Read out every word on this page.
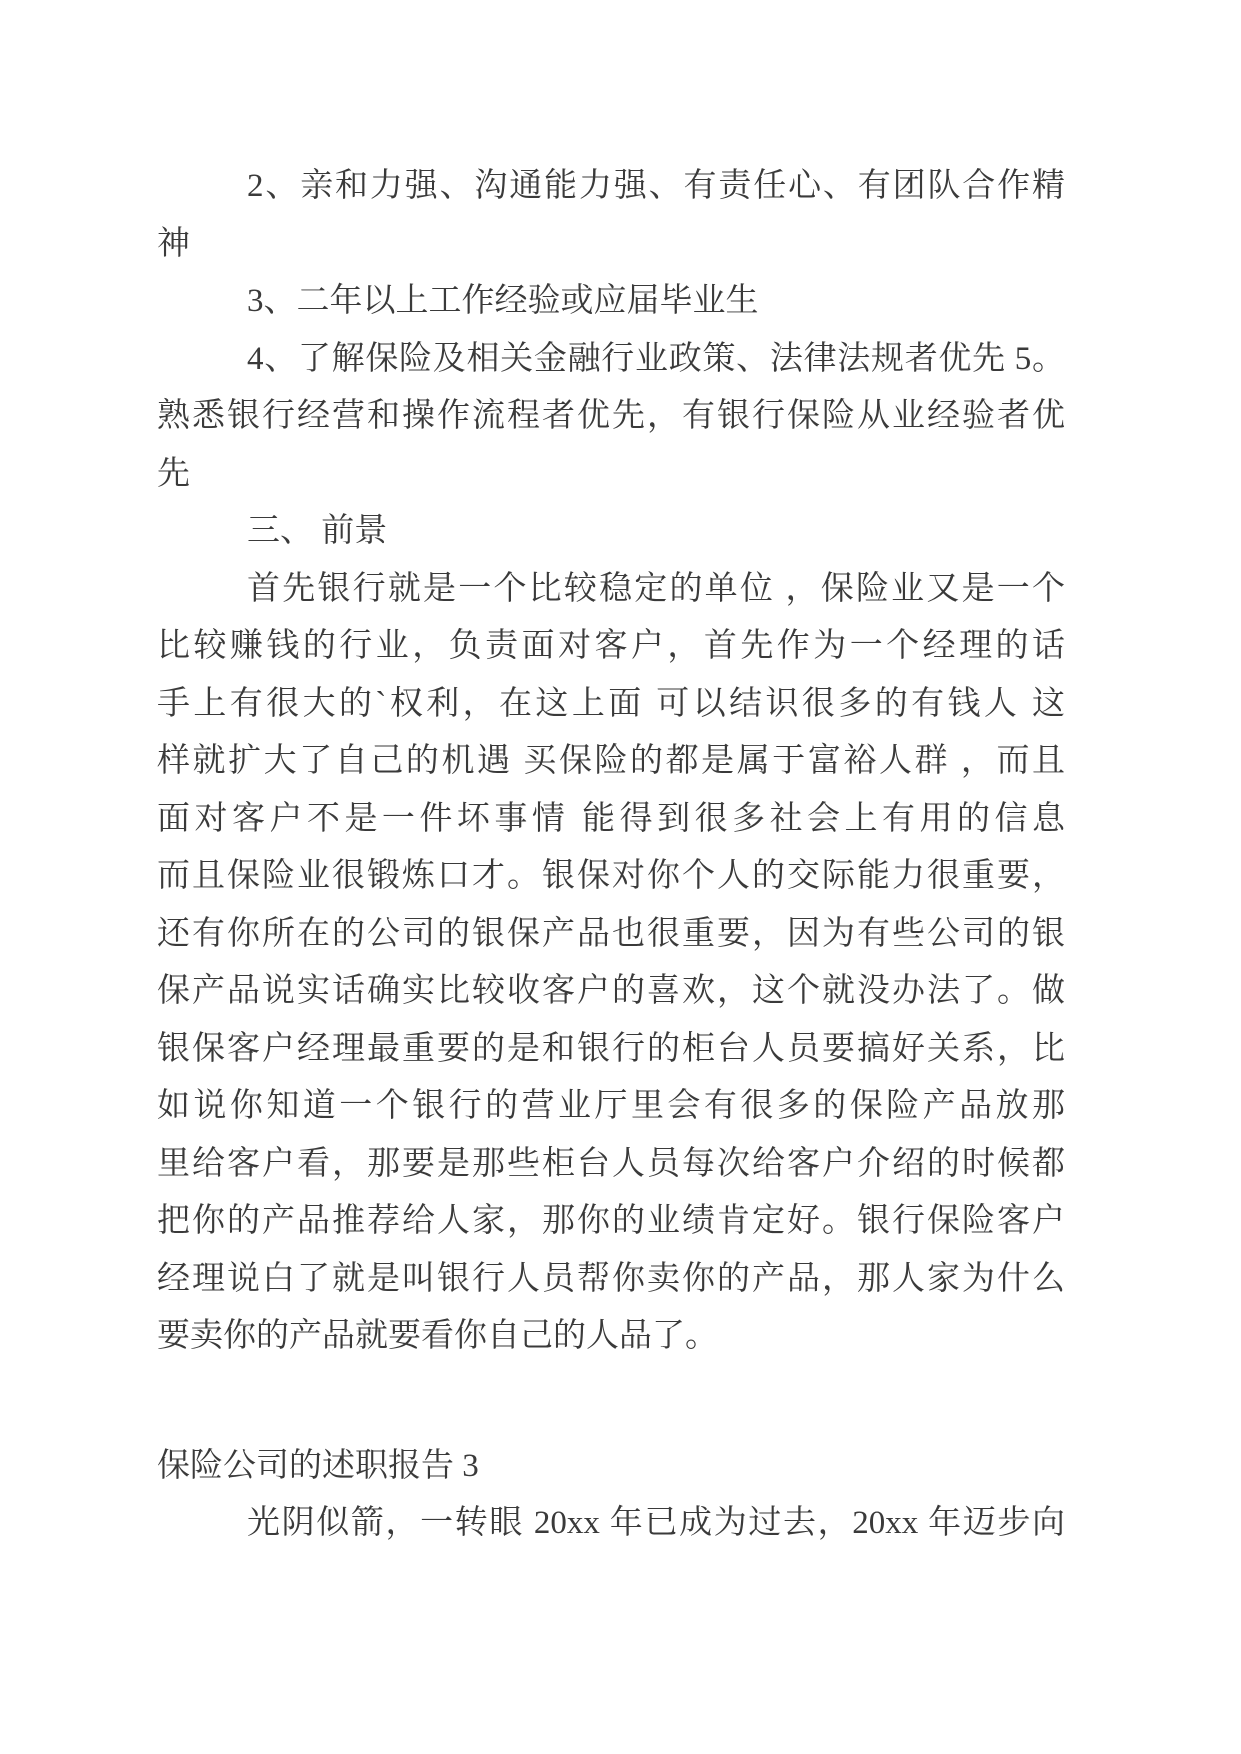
2、亲和力强、沟通能力强、有责任心、有团队合作精
神
3、二年以上工作经验或应届毕业生
4、了解保险及相关金融行业政策、法律法规者优先 5。
熟悉银行经营和操作流程者优先，有银行保险从业经验者优
先
三、 前景
首先银行就是一个比较稳定的单位 ，保险业又是一个
比较赚钱的行业，负责面对客户，首先作为一个经理的话
手上有很大的`权利，在这上面 可以结识很多的有钱人 这
样就扩大了自己的机遇 买保险的都是属于富裕人群 ，而且
面对客户不是一件坏事情 能得到很多社会上有用的信息
而且保险业很锻炼口才。银保对你个人的交际能力很重要，
还有你所在的公司的银保产品也很重要，因为有些公司的银
保产品说实话确实比较收客户的喜欢，这个就没办法了。做
银保客户经理最重要的是和银行的柜台人员要搞好关系，比
如说你知道一个银行的营业厅里会有很多的保险产品放那
里给客户看，那要是那些柜台人员每次给客户介绍的时候都
把你的产品推荐给人家，那你的业绩肯定好。银行保险客户
经理说白了就是叫银行人员帮你卖你的产品，那人家为什么
要卖你的产品就要看你自己的人品了。
保险公司的述职报告 3
光阴似箭，一转眼 20xx 年已成为过去，20xx 年迈步向
